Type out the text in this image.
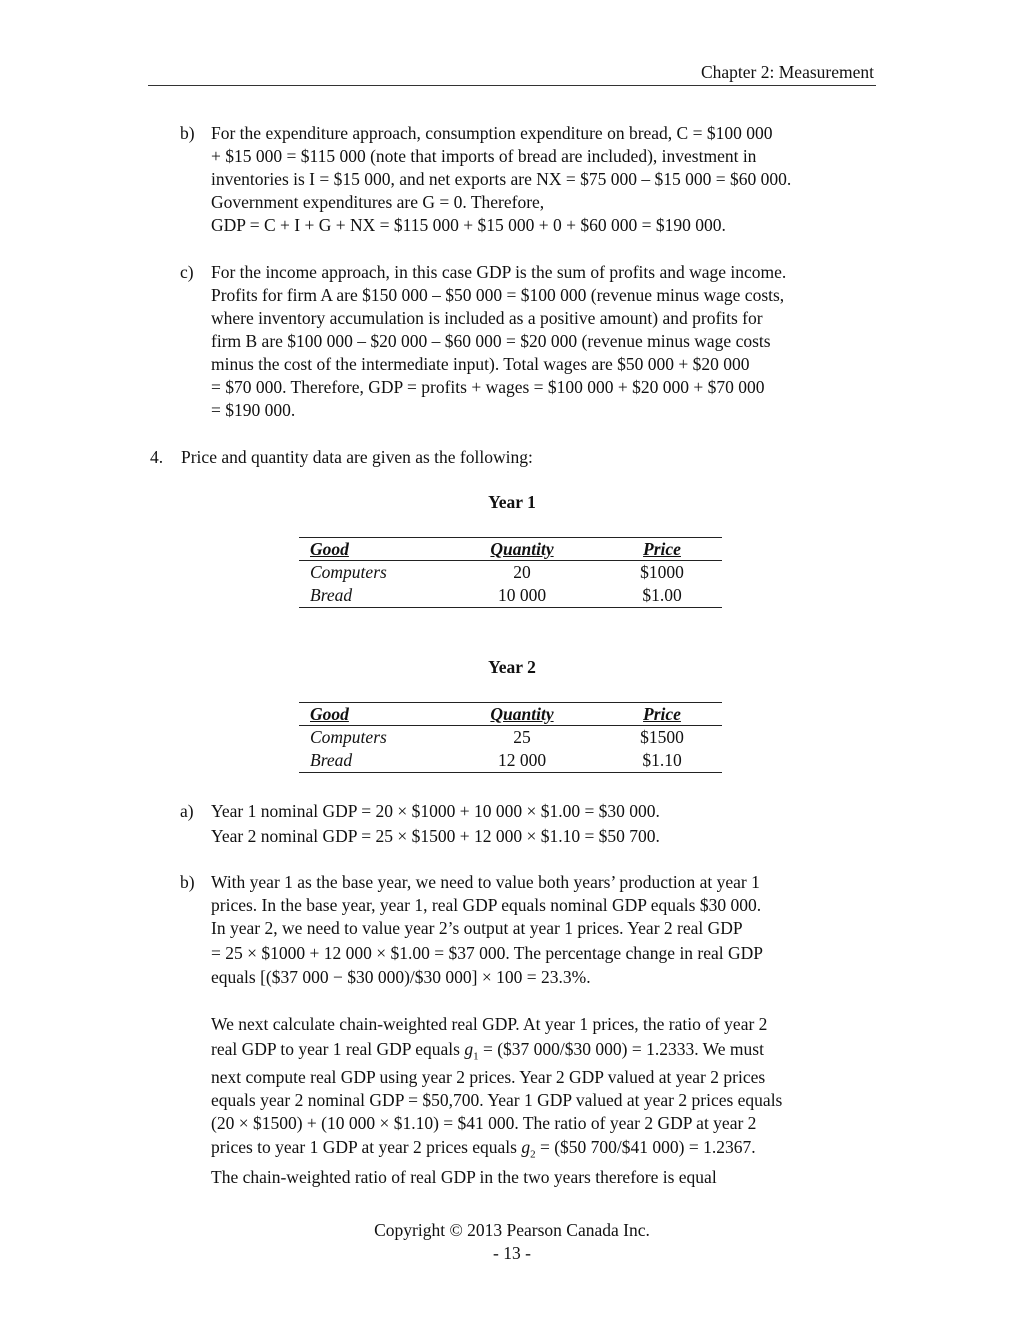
Chapter 2: Measurement
b) For the expenditure approach, consumption expenditure on bread, C = $100 000
+ $15 000 = $115 000 (note that imports of bread are included), investment in
inventories is I = $15 000, and net exports are NX = $75 000 – $15 000 = $60 000.
Government expenditures are G = 0. Therefore,
GDP = C + I + G + NX = $115 000 + $15 000 + 0 + $60 000 = $190 000.
c) For the income approach, in this case GDP is the sum of profits and wage income.
Profits for firm A are $150 000 – $50 000 = $100 000 (revenue minus wage costs,
where inventory accumulation is included as a positive amount) and profits for
firm B are $100 000 – $20 000 – $60 000 = $20 000 (revenue minus wage costs
minus the cost of the intermediate input). Total wages are $50 000 + $20 000
= $70 000. Therefore, GDP = profits + wages = $100 000 + $20 000 + $70 000
= $190 000.
4. Price and quantity data are given as the following:
Year 1
Good	Quantity	Price
Computers	20	$1000
Bread	10 000	$1.00
Year 2
Good	Quantity	Price
Computers	25	$1500
Bread	12 000	$1.10
a) Year 1 nominal GDP = 20 × $1000 + 10 000 × $1.00 = $30 000.
Year 2 nominal GDP = 25 × $1500 + 12 000 × $1.10 = $50 700.
b) With year 1 as the base year, we need to value both years’ production at year 1
prices. In the base year, year 1, real GDP equals nominal GDP equals $30 000.
In year 2, we need to value year 2’s output at year 1 prices. Year 2 real GDP
= 25 × $1000 + 12 000 × $1.00 = $37 000. The percentage change in real GDP
equals [($37 000 − $30 000)/$30 000] × 100 = 23.3%.
We next calculate chain-weighted real GDP. At year 1 prices, the ratio of year 2
real GDP to year 1 real GDP equals $g_1$ = ($37 000/$30 000) = 1.2333. We must
next compute real GDP using year 2 prices. Year 2 GDP valued at year 2 prices
equals year 2 nominal GDP = $50,700. Year 1 GDP valued at year 2 prices equals
(20 × $1500) + (10 000 × $1.10) = $41 000. The ratio of year 2 GDP at year 2
prices to year 1 GDP at year 2 prices equals $g_2$ = ($50 700/$41 000) = 1.2367.
The chain-weighted ratio of real GDP in the two years therefore is equal
Copyright © 2013 Pearson Canada Inc.
- 13 -
